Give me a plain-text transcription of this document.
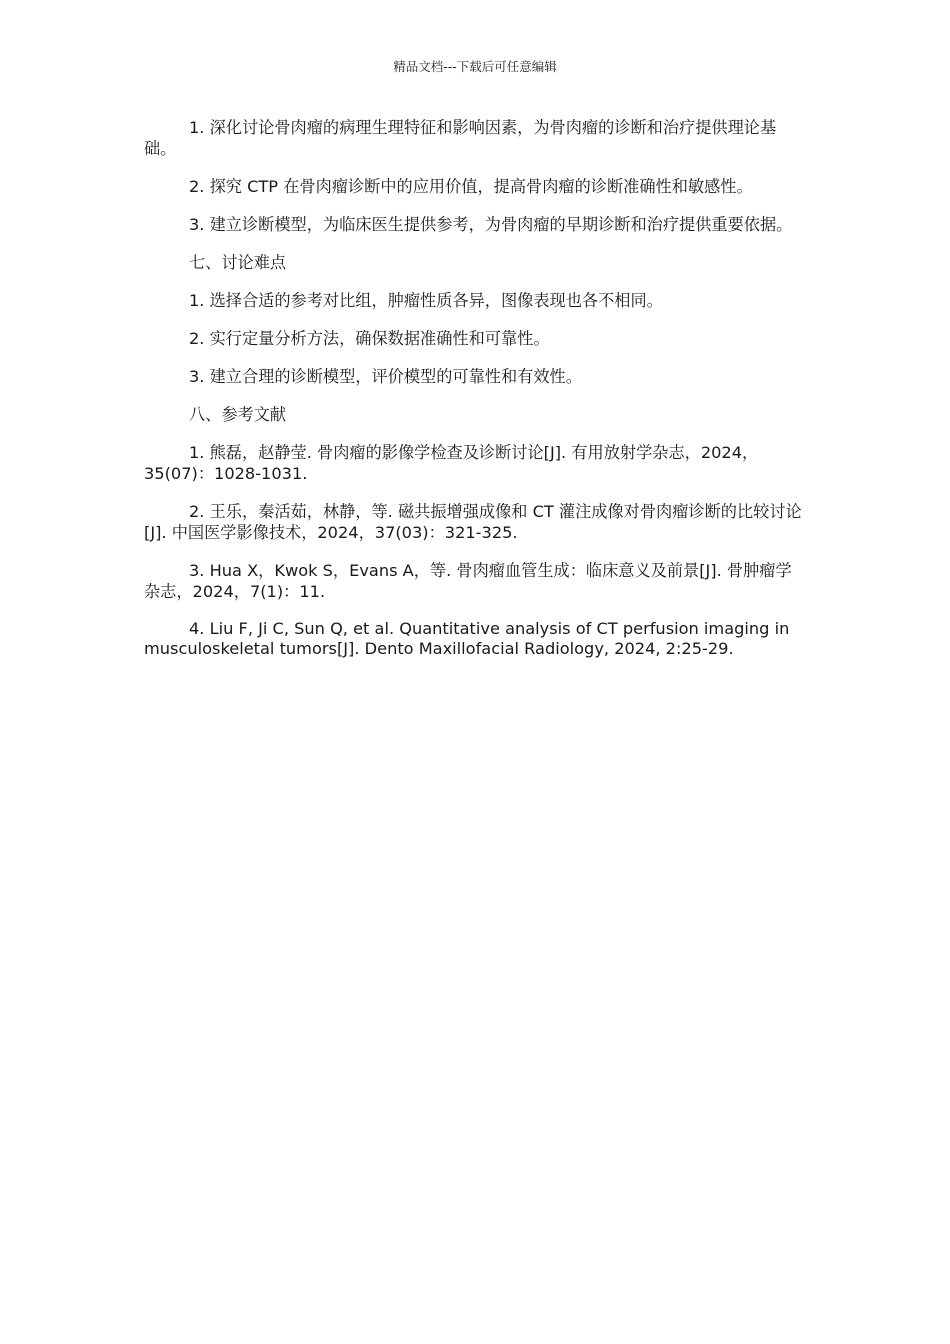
精品文档---下载后可任意编辑

1. 深化讨论骨肉瘤的病理生理特征和影响因素，为骨肉瘤的诊断和治疗提供理论基础。

2. 探究 CTP 在骨肉瘤诊断中的应用价值，提高骨肉瘤的诊断准确性和敏感性。

3. 建立诊断模型，为临床医生提供参考，为骨肉瘤的早期诊断和治疗提供重要依据。

七、讨论难点

1. 选择合适的参考对比组，肿瘤性质各异，图像表现也各不相同。

2. 实行定量分析方法，确保数据准确性和可靠性。

3. 建立合理的诊断模型，评价模型的可靠性和有效性。

八、参考文献

1. 熊磊，赵静莹. 骨肉瘤的影像学检查及诊断讨论[J]. 有用放射学杂志，2024，35(07)：1028-1031.

2. 王乐，秦活茹，林静，等. 磁共振增强成像和 CT 灌注成像对骨肉瘤诊断的比较讨论[J]. 中国医学影像技术，2024，37(03)：321-325.

3. Hua X，Kwok S，Evans A，等. 骨肉瘤血管生成：临床意义及前景[J]. 骨肿瘤学杂志，2024，7(1)：11.

4. Liu F, Ji C, Sun Q, et al. Quantitative analysis of CT perfusion imaging in musculoskeletal tumors[J]. Dento Maxillofacial Radiology, 2024, 2:25-29.
